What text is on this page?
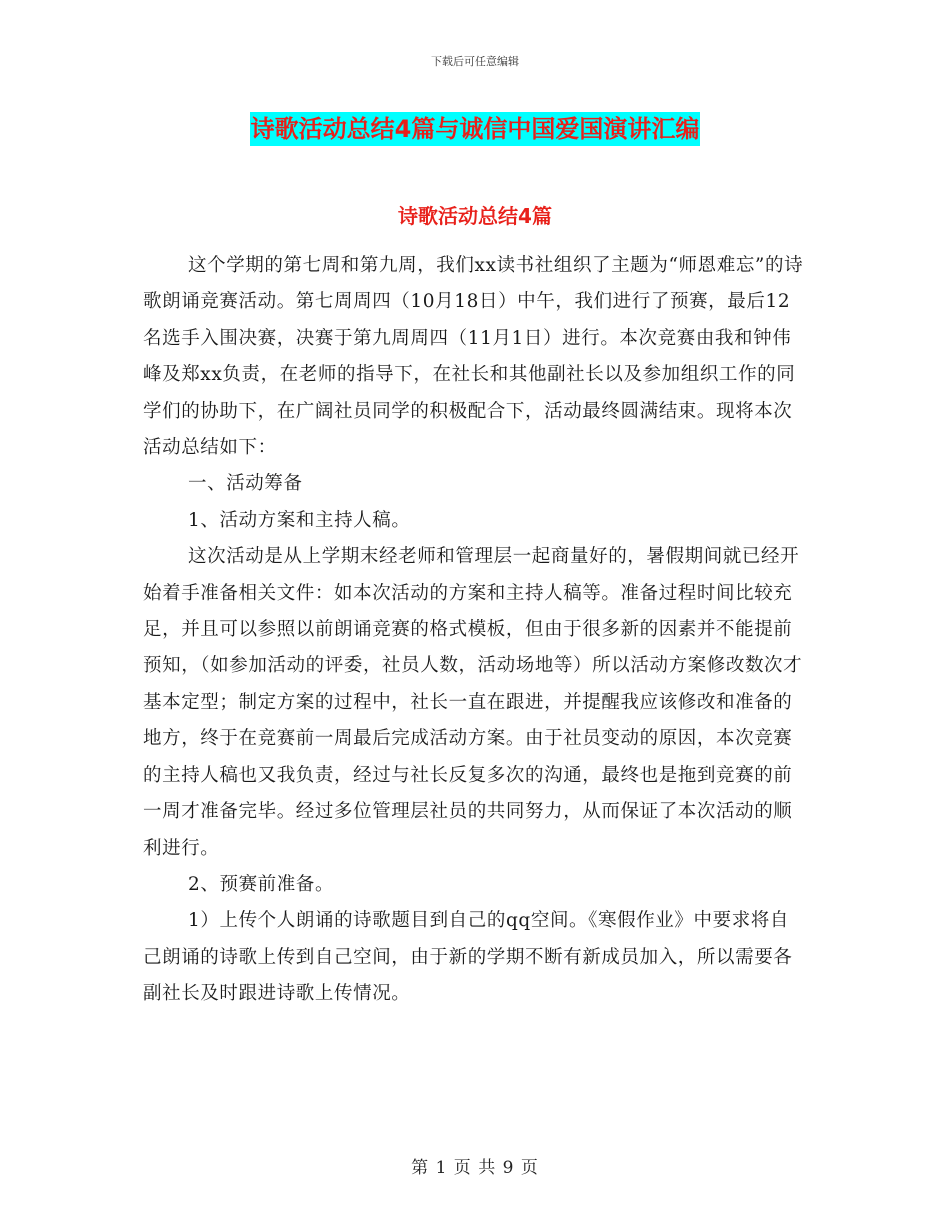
下载后可任意编辑
诗歌活动总结4篇与诚信中国爱国演讲汇编
诗歌活动总结4篇

这个学期的第七周和第九周，我们xx读书社组织了主题为“师恩难忘”的诗歌朗诵竞赛活动。第七周周四（10月18日）中午，我们进行了预赛，最后12名选手入围决赛，决赛于第九周周四（11月1日）进行。本次竞赛由我和钟伟峰及郑xx负责，在老师的指导下，在社长和其他副社长以及参加组织工作的同学们的协助下，在广阔社员同学的积极配合下，活动最终圆满结束。现将本次活动总结如下：

一、活动筹备

1、活动方案和主持人稿。

这次活动是从上学期末经老师和管理层一起商量好的，暑假期间就已经开始着手准备相关文件：如本次活动的方案和主持人稿等。准备过程时间比较充足，并且可以参照以前朗诵竞赛的格式模板，但由于很多新的因素并不能提前预知，（如参加活动的评委，社员人数，活动场地等）所以活动方案修改数次才基本定型；制定方案的过程中，社长一直在跟进，并提醒我应该修改和准备的地方，终于在竞赛前一周最后完成活动方案。由于社员变动的原因，本次竞赛的主持人稿也又我负责，经过与社长反复多次的沟通，最终也是拖到竞赛的前一周才准备完毕。经过多位管理层社员的共同努力，从而保证了本次活动的顺利进行。

2、预赛前准备。

1）上传个人朗诵的诗歌题目到自己的qq空间。《寒假作业》中要求将自己朗诵的诗歌上传到自己空间，由于新的学期不断有新成员加入，所以需要各副社长及时跟进诗歌上传情况。

第 1 页 共 9 页
